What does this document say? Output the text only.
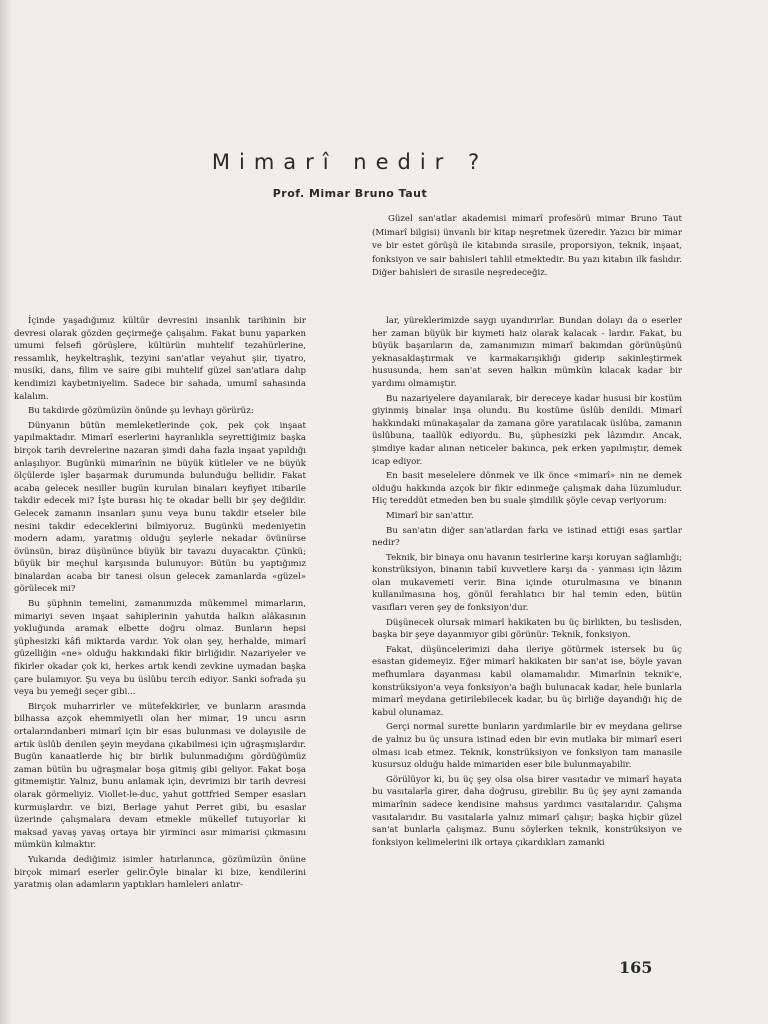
Mimarî nedir ?
Prof. Mimar Bruno Taut

Güzel san'atlar akademisi mimarî profesörü mimar Bruno Taut (Mimarî bilgisi) ünvanlı bir kitap neşretmek üzeredir. Yazıcı bir mimar ve bir estet görüşü ile kitabında sırasile, proporsiyon, teknik, inşaat, fonksiyon ve sair bahisleri tahlil etmektedir. Bu yazı kitabın ilk faslıdır. Diğer bahisleri de sırasile neşredeceğiz.

İçinde yaşadığımız kültür devresini insanlık tarihinin bir devresi olarak gözden geçirmeğe çalışalım. Fakat bunu yaparken umumi felsefi görüşlere, kültürün muhtelif tezahürlerine, ressamlık, heykeltraşlık, tezyini san'atlar veyahut şiir, tiyatro, musiki, dans, filim ve saire gibi muhtelif güzel san'atlara dalıp kendimizi kaybetmiyelim. Sadece bir sahada, umumî sahasında kalalım.

Bu takdirde gözümüzün önünde şu levhayı görürüz:

Dünyanın bütün memleketlerinde çok, pek çok inşaat yapılmaktadır. Mimarî eserlerini hayranlıkla seyrettiğimiz başka birçok tarih devrelerine nazaran şimdi daha fazla inşaat yapıldığı anlaşılıyor. Bugünkü mimarînin ne büyük kütleler ve ne büyük ölçülerde işler başarmak durumunda bulunduğu bellidir. Fakat acaba gelecek nesiller bugün kurulan binaları keyfiyet itibarile takdir edecek mi? İşte burası hiç te okadar belli bir şey değildir. Gelecek zamanın insanları şunu veya bunu takdir etseler bile nesini takdir edeceklerini bilmiyoruz. Bugünkü medeniyetin modern adamı, yaratmış olduğu şeylerle nekadar övünürse övünsün, biraz düşününce büyük bir tavazu duyacaktır. Çünkü; büyük bir meçhul karşısında bulunuyor: Bütün bu yaptığımız binalardan acaba bir tanesi olsun gelecek zamanlarda «güzel» görülecek mi?

Bu şüphnin temelini, zamanımızda mükemmel mimarların, mimariyi seven inşaat sahiplerinin yahutda halkın alâkasının yokluğunda aramak elbette doğru olmaz. Bunların hepsi şüphesizki kâfi miktarda vardır. Yok olan şey, herhalde, mimarî güzelliğin «ne» olduğu hakkındaki fikir birliğidir. Nazariyeler ve fikirler okadar çok ki, herkes artık kendi zevkine uymadan başka çare bulamıyor. Şu veya bu üslûbu tercih ediyor. Sanki sofrada şu veya bu yemeği seçer gibi...

Birçok muharrirler ve mütefekkirler, ve bunların arasında bilhassa azçok ehemmiyetli olan her mimar, 19 uncu asrın ortalarındanberi mimarî için bir esas bulunması ve dolayısile de artık üslûb denilen şeyin meydana çıkabilmesi için uğraşmışlardır. Bugün kanaatlerde hiç bir birlik bulunmadığını gördüğümüz zaman bütün bu uğraşmalar boşa gitmiş gibi geliyor. Fakat boşa gitmemiştir. Yalnız, bunu anlamak için, devrimizi bir tarih devresi olarak görmeliyiz. Viollet-le-duc, yahut gottfried Semper esasları kurmuşlardır. ve bizi, Berlage yahut Perret gibi, bu esaslar üzerinde çalışmalara devam etmekle mükellef tutuyorlar ki maksad yavaş yavaş ortaya bir yirminci asır mimarisi çıkmasını mümkün kılmaktır.

Yukarıda dediğimiz isimler hatırlanınca, gözümüzün önüne birçok mimarî eserler gelir.Öyle binalar ki bize, kendilerini yaratmış olan adamların yaptıkları hamleleri anlatır-

lar, yüreklerimizde saygı uyandırırlar. Bundan dolayı da o eserler her zaman büyük bir kıymeti haiz olarak kalacak - lardır. Fakat, bu büyük başarıların da, zamanımızın mimarî bakımdan görünüşünü yeknasaklaştırmak ve karmakarışıklığı giderip sakinleştirmek hususunda, hem san'at seven halkın mümkün kılacak kadar bir yardımı olmamıştır.

Bu nazariyelere dayanılarak, bir dereceye kadar hususi bir kostüm giyinmiş binalar inşa olundu. Bu kostüme üslûb denildi. Mimarî hakkındaki münakaşalar da zamana göre yaratılacak üslûba, zamanın üslûbuna, taallûk ediyordu. Bu, şüphesizki pek lâzımdır. Ancak, şimdiye kadar alınan neticeler bakınca, pek erken yapılmıştır, demek icap ediyor.

En basit meselelere dönmek ve ilk önce «mimarî» nin ne demek olduğu hakkında azçok bir fikir edinmeğe çalışmak daha lüzumludur. Hiç tereddüt etmeden ben bu suale şimdilik şöyle cevap veriyorum:

Mimarî bir san'attır.

Bu san'atın diğer san'atlardan farkı ve istinad ettiği esas şartlar nedir?

Teknik, bir binaya onu havanın tesirlerine karşı koruyan sağlamlığı; konstrüksiyon, binanın tabiî kuvvetlere karşı da - yanması için lâzım olan mukavemeti verir. Bina içinde oturulmasına ve binanın kullanılmasına hoş, gönül ferahlatıcı bir hal temin eden, bütün vasıfları veren şey de fonksiyon'dur.

Düşünecek olursak mimarî hakikaten bu üç birlikten, bu teslisden, başka bir şeye dayanmıyor gibi görünür: Teknik, fonksiyon.

Fakat, düşüncelerimizi daha ileriye götürmek istersek bu üç esastan gidemeyiz. Eğer mimarî hakikaten bir san'at ise, böyle yavan mefhumlara dayanması kabil olamamalıdır. Mimarînin teknik'e, konstrüksiyon'a veya fonksiyon'a bağlı bulunacak kadar, hele bunlarla mimarî meydana getirilebilecek kadar, bu üç birliğe dayandığı hiç de kabul olunamaz.

Gerçi normal surette bunların yardımlarile bir ev meydana gelirse de yalnız bu üç unsura istinad eden bir evin mutlaka bir mimarî eseri olması icab etmez. Teknik, konstrüksiyon ve fonksiyon tam manasile kusursuz olduğu halde mimariden eser bile bulunmayabilir.

Görülüyor ki, bu üç şey olsa olsa birer vasıtadır ve mimarî hayata bu vasıtalarla girer, daha doğrusu, girebilir. Bu üç şey ayni zamanda mimarînin sadece kendisine mahsus yardımcı vasıtalarıdır. Çalışma vasıtalarıdır. Bu vasıtalarla yalnız mimarî çalışır; başka hiçbir güzel san'at bunlarla çalışmaz. Bunu söylerken teknik, konstrüksiyon ve fonksiyon kelimelerini ilk ortaya çıkardıkları zamanki

165
